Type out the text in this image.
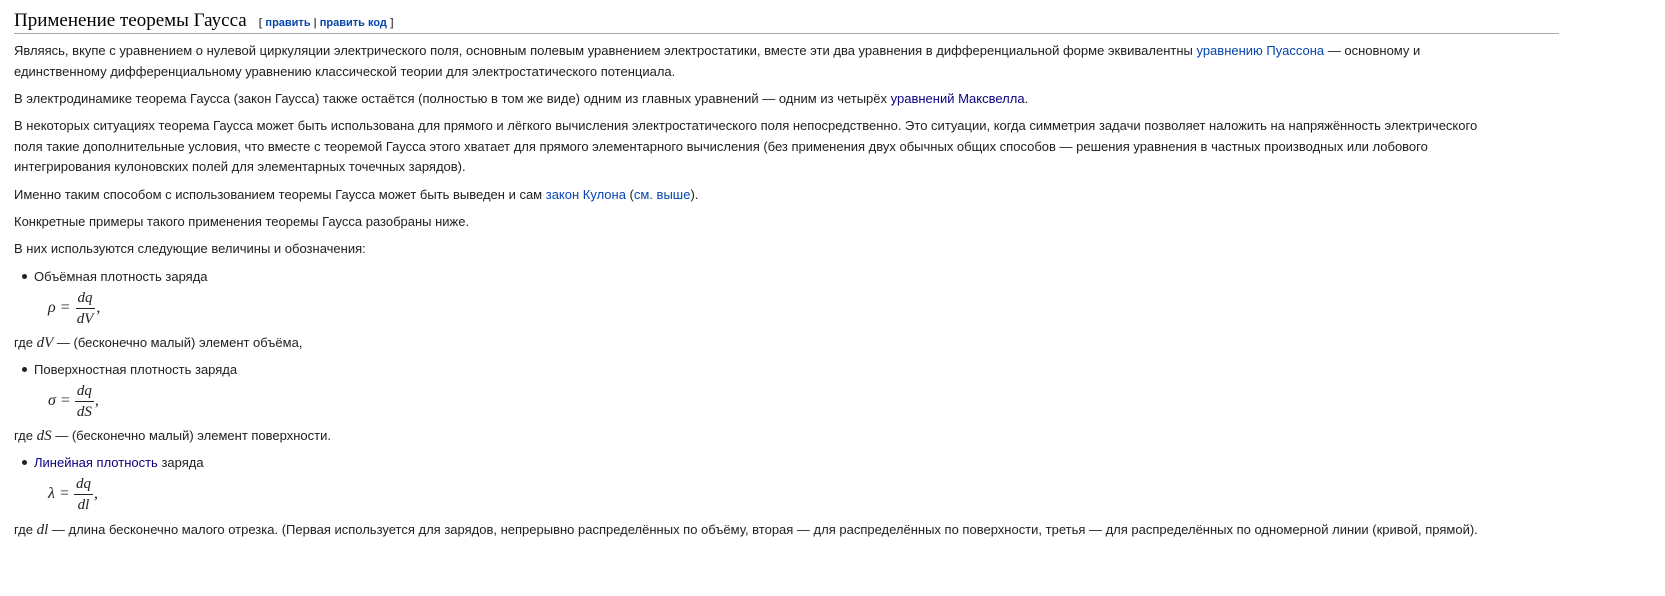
Применение теоремы Гаусса [ править | править код ]

Являясь, вкупе с уравнением о нулевой циркуляции электрического поля, основным полевым уравнением электростатики, вместе эти два уравнения в дифференциальной форме эквивалентны уравнению Пуассона — основному и
единственному дифференциальному уравнению классической теории для электростатического потенциала.

В электродинамике теорема Гаусса (закон Гаусса) также остаётся (полностью в том же виде) одним из главных уравнений — одним из четырёх уравнений Максвелла.

В некоторых ситуациях теорема Гаусса может быть использована для прямого и лёгкого вычисления электростатического поля непосредственно. Это ситуации, когда симметрия задачи позволяет наложить на напряжённость электрического
поля такие дополнительные условия, что вместе с теоремой Гаусса этого хватает для прямого элементарного вычисления (без применения двух обычных общих способов — решения уравнения в частных производных или лобового
интегрирования кулоновских полей для элементарных точечных зарядов).

Именно таким способом с использованием теоремы Гаусса может быть выведен и сам закон Кулона (см. выше).

Конкретные примеры такого применения теоремы Гаусса разобраны ниже.

В них используются следующие величины и обозначения:

Объёмная плотность заряда
$\rho = \frac{dq}{dV}$ ,

где dV — (бесконечно малый) элемент объёма,

Поверхностная плотность заряда
$\sigma = \frac{dq}{dS}$ ,

где dS — (бесконечно малый) элемент поверхности.

Линейная плотность заряда
$\lambda = \frac{dq}{dl}$ ,

где dl — длина бесконечно малого отрезка. (Первая используется для зарядов, непрерывно распределённых по объёму, вторая — для распределённых по поверхности, третья — для распределённых по одномерной линии (кривой, прямой).
